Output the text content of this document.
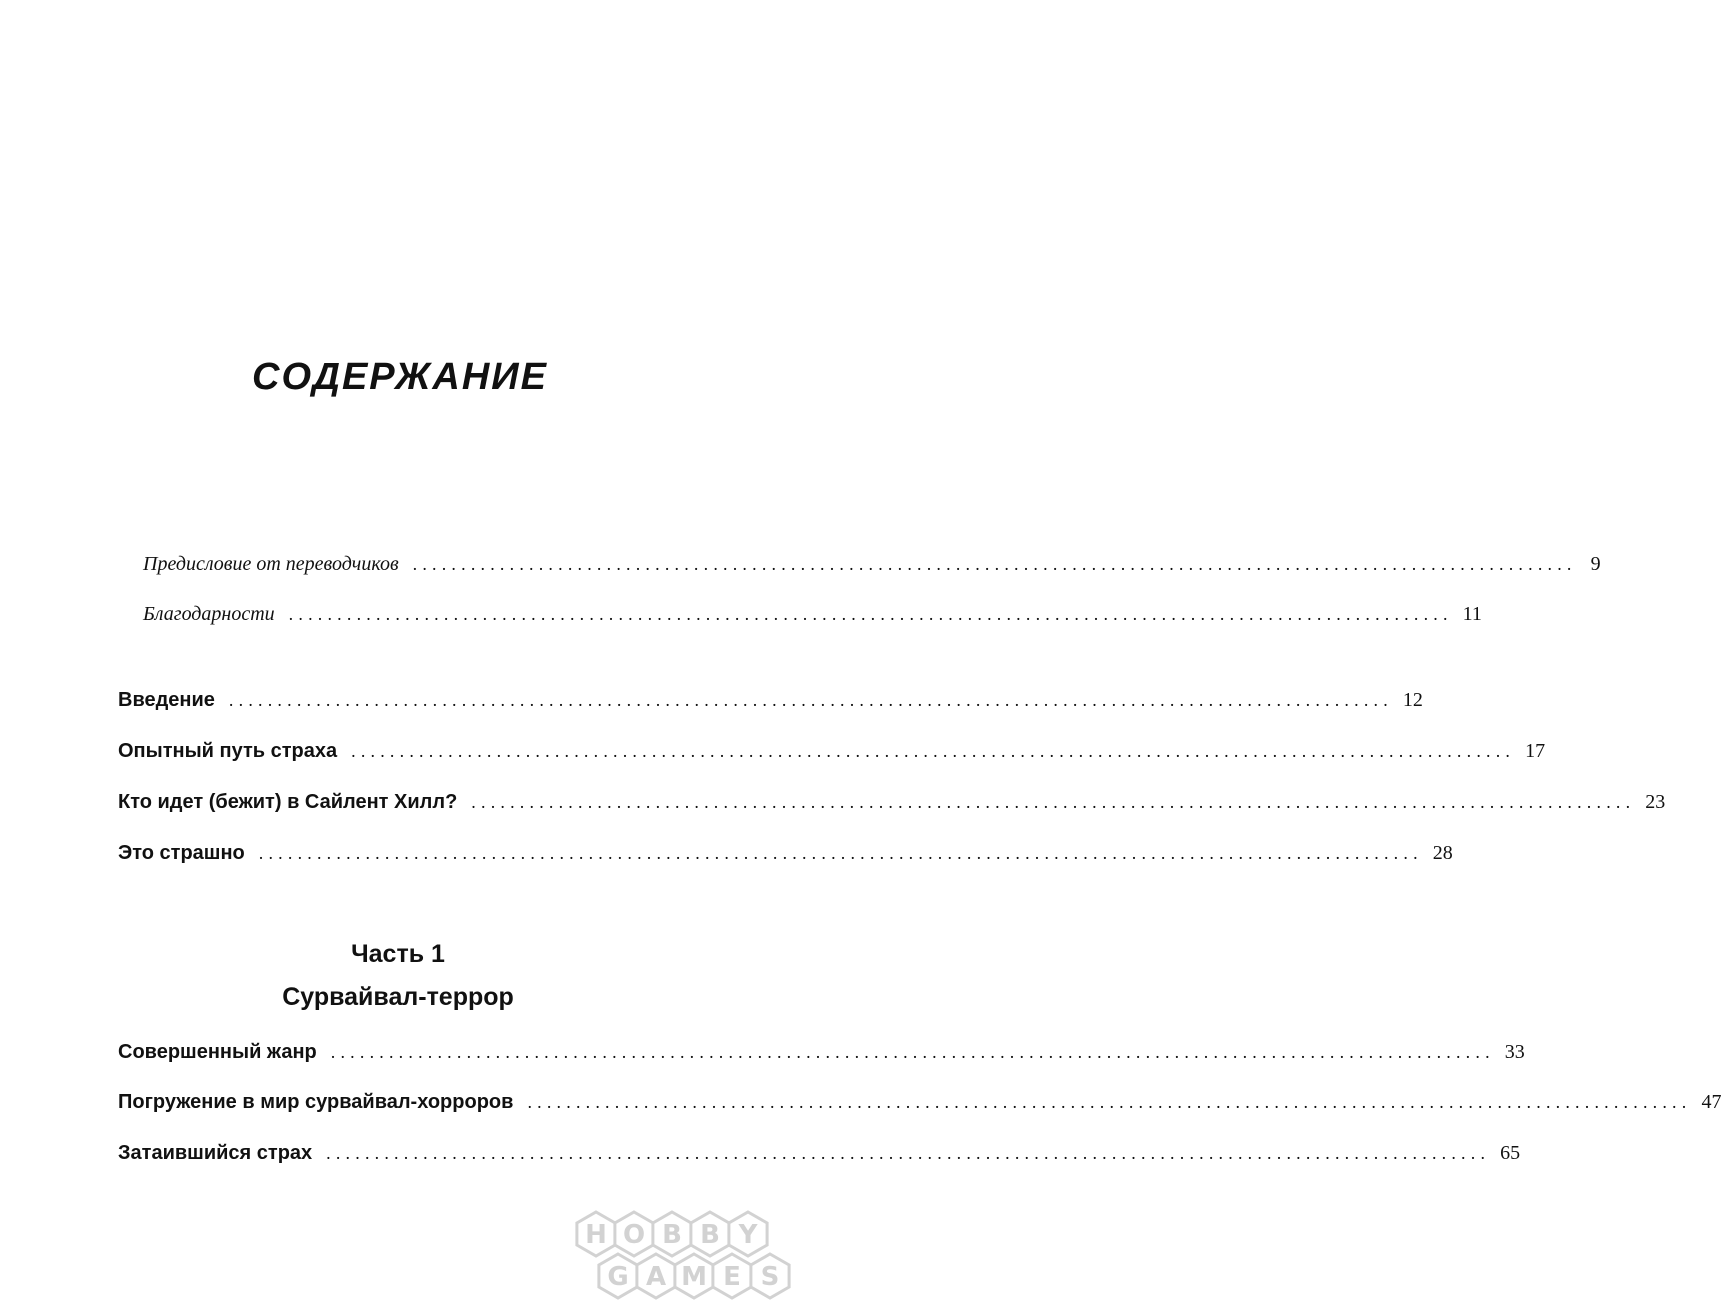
СОДЕРЖАНИЕ
Предисловие от переводчиков ........................................................................................................................ 9
Благодарности ........................................................................................................................ 11
Введение ........................................................................................................................ 12
Опытный путь страха ........................................................................................................................ 17
Кто идет (бежит) в Сайлент Хилл? ........................................................................................................................ 23
Это страшно ........................................................................................................................ 28
Часть 1
Сурвайвал-террор
Совершенный жанр ........................................................................................................................ 33
Погружение в мир сурвайвал-хорроров ........................................................................................................................ 47
Затаившийся страх ........................................................................................................................ 65
H O B B Y
G A M E S
